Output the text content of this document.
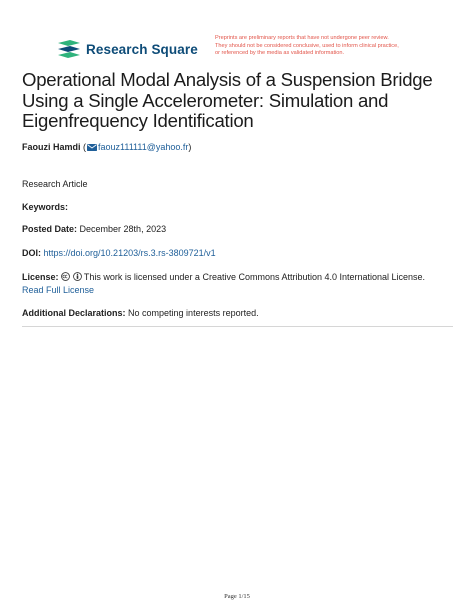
Research Square
Preprints are preliminary reports that have not undergone peer review.
They should not be considered conclusive, used to inform clinical practice,
or referenced by the media as validated information.
Operational Modal Analysis of a Suspension Bridge
Using a Single Accelerometer: Simulation and
Eigenfrequency Identification
Faouzi Hamdi ( faouz111111@yahoo.fr)
Research Article
Keywords:
Posted Date: December 28th, 2023
DOI: https://doi.org/10.21203/rs.3.rs-3809721/v1
License:	This work is licensed under a Creative Commons Attribution 4.0 International License.
Read Full License
Additional Declarations: No competing interests reported.
Page 1/15
